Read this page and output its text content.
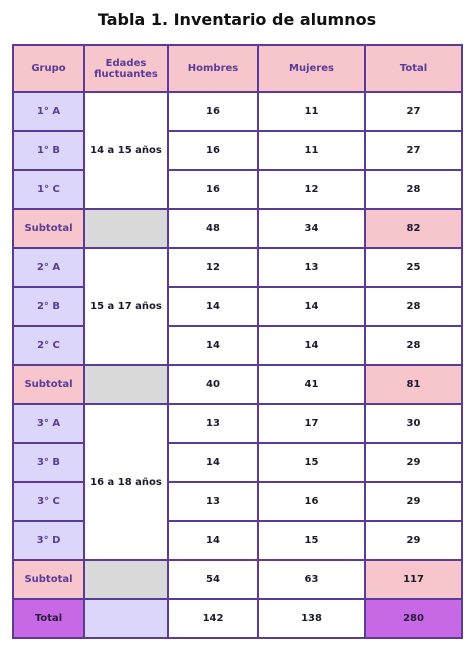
Tabla 1. Inventario de alumnos
Grupo	Edades fluctuantes	Hombres	Mujeres	Total
1° A	14 a 15 años	16	11	27
1° B		16	11	27
1° C		16	12	28
Subtotal		48	34	82
2° A	15 a 17 años	12	13	25
2° B		14	14	28
2° C		14	14	28
Subtotal		40	41	81
3° A	16 a 18 años	13	17	30
3° B		14	15	29
3° C		13	16	29
3° D		14	15	29
Subtotal		54	63	117
Total		142	138	280
